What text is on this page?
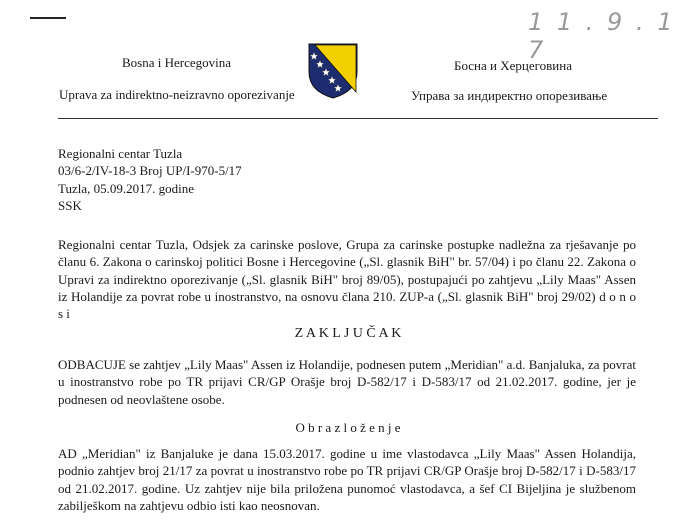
1 1 . 9 . 1 7
Bosna i Hercegovina
Uprava za indirektno-neizravno oporezivanje
Босна и Херцеговина
Управа за индиректно опорезивање
Regionalni centar Tuzla
03/6-2/IV-18-3 Broj UP/I-970-5/17
Tuzla, 05.09.2017. godine
SSK
Regionalni centar Tuzla, Odsjek za carinske poslove, Grupa za carinske postupke nadležna za rješavanje po članu 6. Zakona o carinskoj politici Bosne i Hercegovine („Sl. glasnik BiH" br. 57/04) i po članu 22. Zakona o Upravi za indirektno oporezivanje („Sl. glasnik BiH" broj 89/05), postupajući po zahtjevu „Lily Maas" Assen iz Holandije za povrat robe u inostranstvo, na osnovu člana 210. ZUP-a („Sl. glasnik BiH" broj 29/02) d o n o s i
Z A K L J U Č A K
ODBACUJE se zahtjev „Lily Maas" Assen iz Holandije, podnesen putem „Meridian" a.d. Banjaluka, za povrat u inostranstvo robe po TR prijavi CR/GP Orašje broj D-582/17 i D-583/17 od 21.02.2017. godine, jer je podnesen od neovlaštene osobe.
O b r a z l o ž e n j e
AD „Meridian" iz Banjaluke je dana 15.03.2017. godine u ime vlastodavca „Lily Maas" Assen Holandija, podnio zahtjev broj 21/17 za povrat u inostranstvo robe po TR prijavi CR/GP Orašje broj D-582/17 i D-583/17 od 21.02.2017. godine. Uz zahtjev nije bila priložena punomoć vlastodavca, a šef CI Bijeljina je službenom zabilješkom na zahtjevu odbio isti kao neosnovan.
